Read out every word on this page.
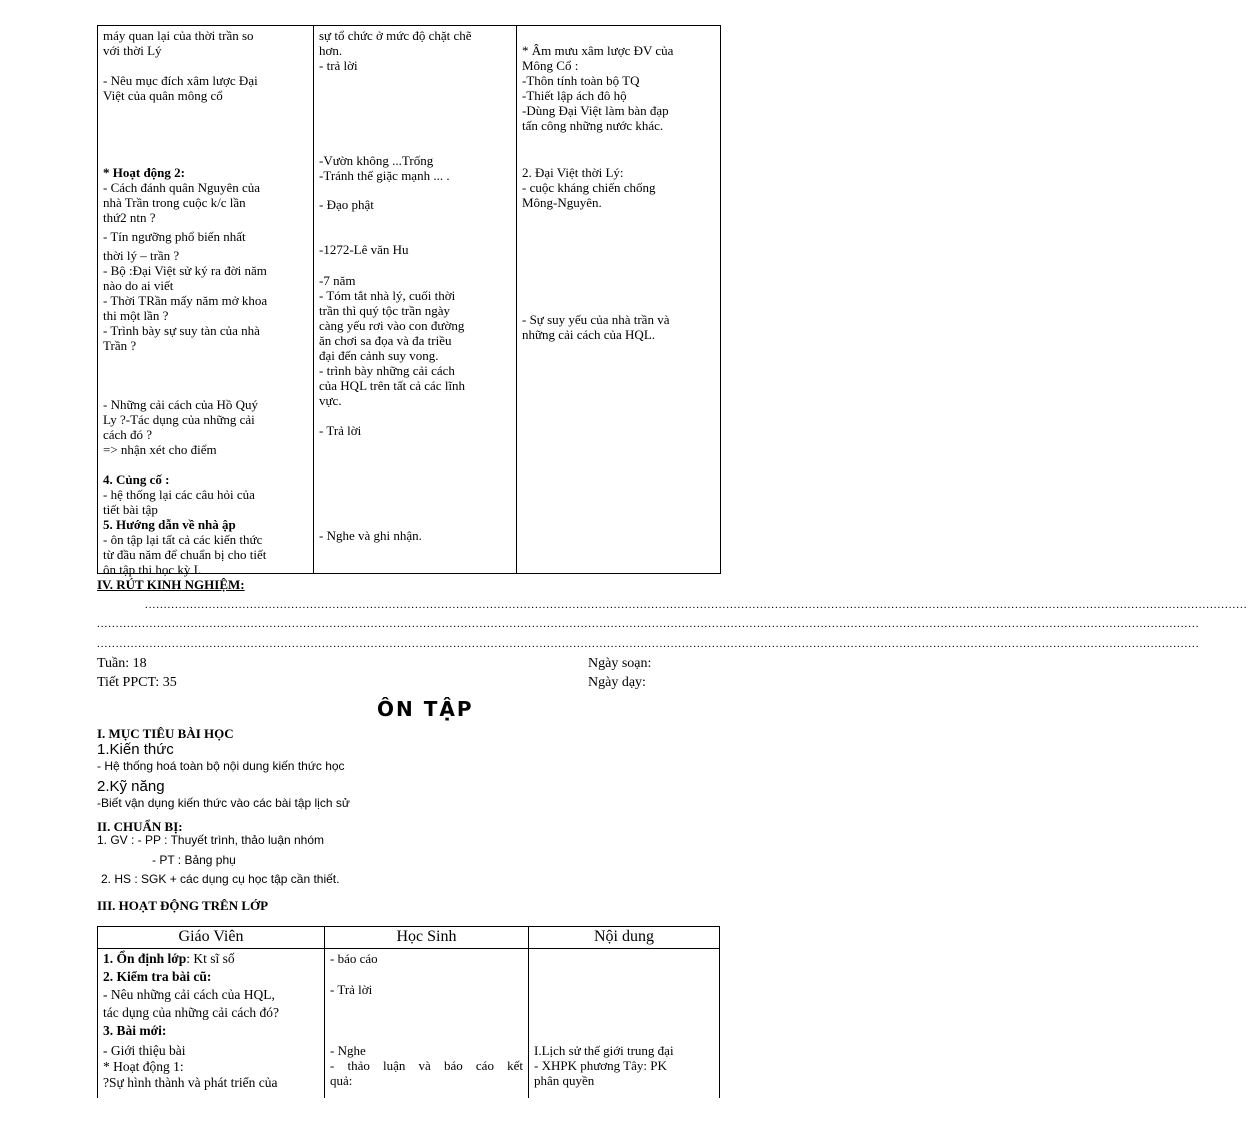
máy quan lại của thời trần so
với thời Lý
- Nêu mục đích xâm lược Đại
Việt của quân mông cổ
* Hoạt động 2:
- Cách đánh quân Nguyên của
nhà Trần trong cuộc k/c lần
thứ2 ntn ?
- Tín ngưỡng phổ biến nhất
thời lý – trần ?
- Bộ :Đại Việt sử ký ra đời năm
nào do ai viết
- Thời TRần mấy năm mở khoa
thi một lần ?
- Trình bày sự suy tàn của nhà
Trần ?
- Những cải cách của Hồ Quý
Ly ?-Tác dụng của những cải
cách đó ?
=> nhận xét cho điểm
4. Củng cố :
- hệ thống lại các câu hỏi của
tiết bài tập
5. Hướng dẫn về nhà ập
- ôn tập lại tất cả các kiến thức
từ đầu năm để chuẩn bị cho tiết
ôn tập thi học kỳ I.
sự tổ chức ở mức độ chặt chẽ
hơn.
- trả lời
-Vườn không ...Trống
-Tránh thế giặc mạnh ... .
- Đạo phật
-1272-Lê văn Hu
-7 năm
- Tóm tắt nhà lý, cuối thời
trần thì quý tộc trần ngày
càng yếu rơi vào con đường
ăn chơi sa đọa và đa triều
đại đến cảnh suy vong.
- trình bày những cải cách
của HQL trên tất cả các lĩnh
vực.
- Trả lời
- Nghe và ghi nhận.
* Âm mưu xâm lược ĐV của
Mông Cổ :
-Thôn tính toàn bộ TQ
-Thiết lập ách đô hộ
-Dùng Đại Việt làm bàn đạp
tấn công những nước khác.
2. Đại Việt thời Lý:
- cuộc kháng chiến chống
Mông-Nguyên.
- Sự suy yếu của nhà trần và
những cải cách của HQL.
IV. RÚT KINH NGHIỆM:
......................................................................................................................................................................................................................................................................................................
......................................................................................................................................................................................................................................................................................................
......................................................................................................................................................................................................................................................................................................
Tuần: 18
Tiết PPCT: 35
Ngày soạn:
Ngày dạy:
ÔN TẬP
I. MỤC TIÊU BÀI HỌC
1.Kiến thức
- Hệ thống hoá toàn bộ nội dung kiến thức học
2.Kỹ năng
-Biết vận dụng kiến thức vào các bài tập lịch sử
II. CHUẨN BỊ:
1. GV : - PP : Thuyết trình, thảo luận nhóm
- PT : Bảng phụ
2. HS : SGK + các dụng cụ học tập cần thiết.
III. HOẠT ĐỘNG TRÊN LỚP
Giáo Viên	Học Sinh	Nội dung
1. Ổn định lớp: Kt sĩ số
2. Kiểm tra bài cũ:
- Nêu những cải cách của HQL,
tác dụng của những cải cách đó?
3. Bài mới:
- Giới thiệu bài
* Hoạt động 1:
?Sự hình thành và phát triển của
- báo cáo
- Trả lời
- Nghe
- thảo luận và báo cáo kết
quả:
I.Lịch sử thế giới trung đại
- XHPK phương Tây: PK
phân quyền
